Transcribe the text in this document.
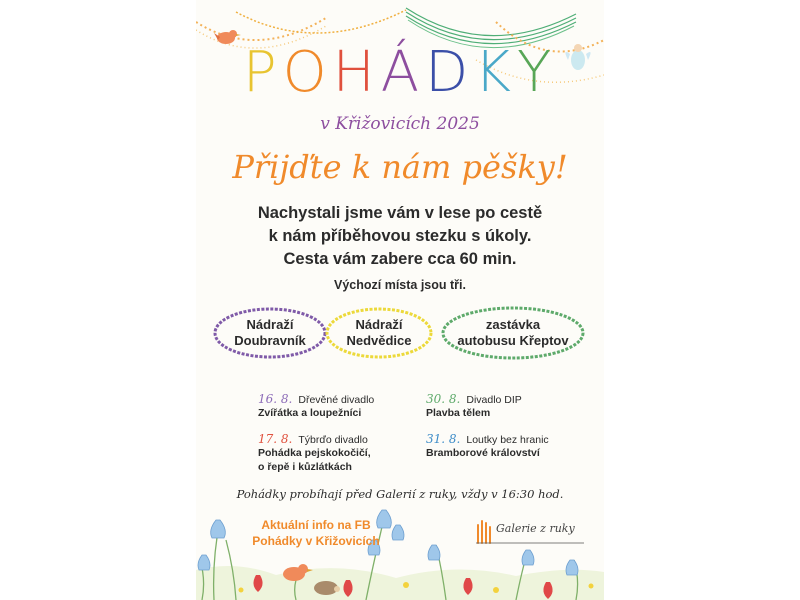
POHÁDKY
v Křižovicích 2025
Přijďte k nám pěšky!
Nachystali jsme vám v lese po cestě
k nám příběhovou stezku s úkoly.
Cesta vám zabere cca 60 min.
Výchozí místa jsou tři.
Nádraží
Doubravník
Nádraží
Nedvědice
zastávka
autobusu Křeptov
16. 8. Dřevěné divadlo
Zvířátka a loupežníci
30. 8. Divadlo DIP
Plavba tělem
17. 8. Týbrďo divadlo
Pohádka pejskokočičí,
o řepě i kůzlátkách
31. 8. Loutky bez hranic
Bramborové království
Pohádky probíhají před Galerií z ruky, vždy v 16:30 hod.
Aktuální info na FB
Pohádky v Křižovicích
Galerie z ruky
